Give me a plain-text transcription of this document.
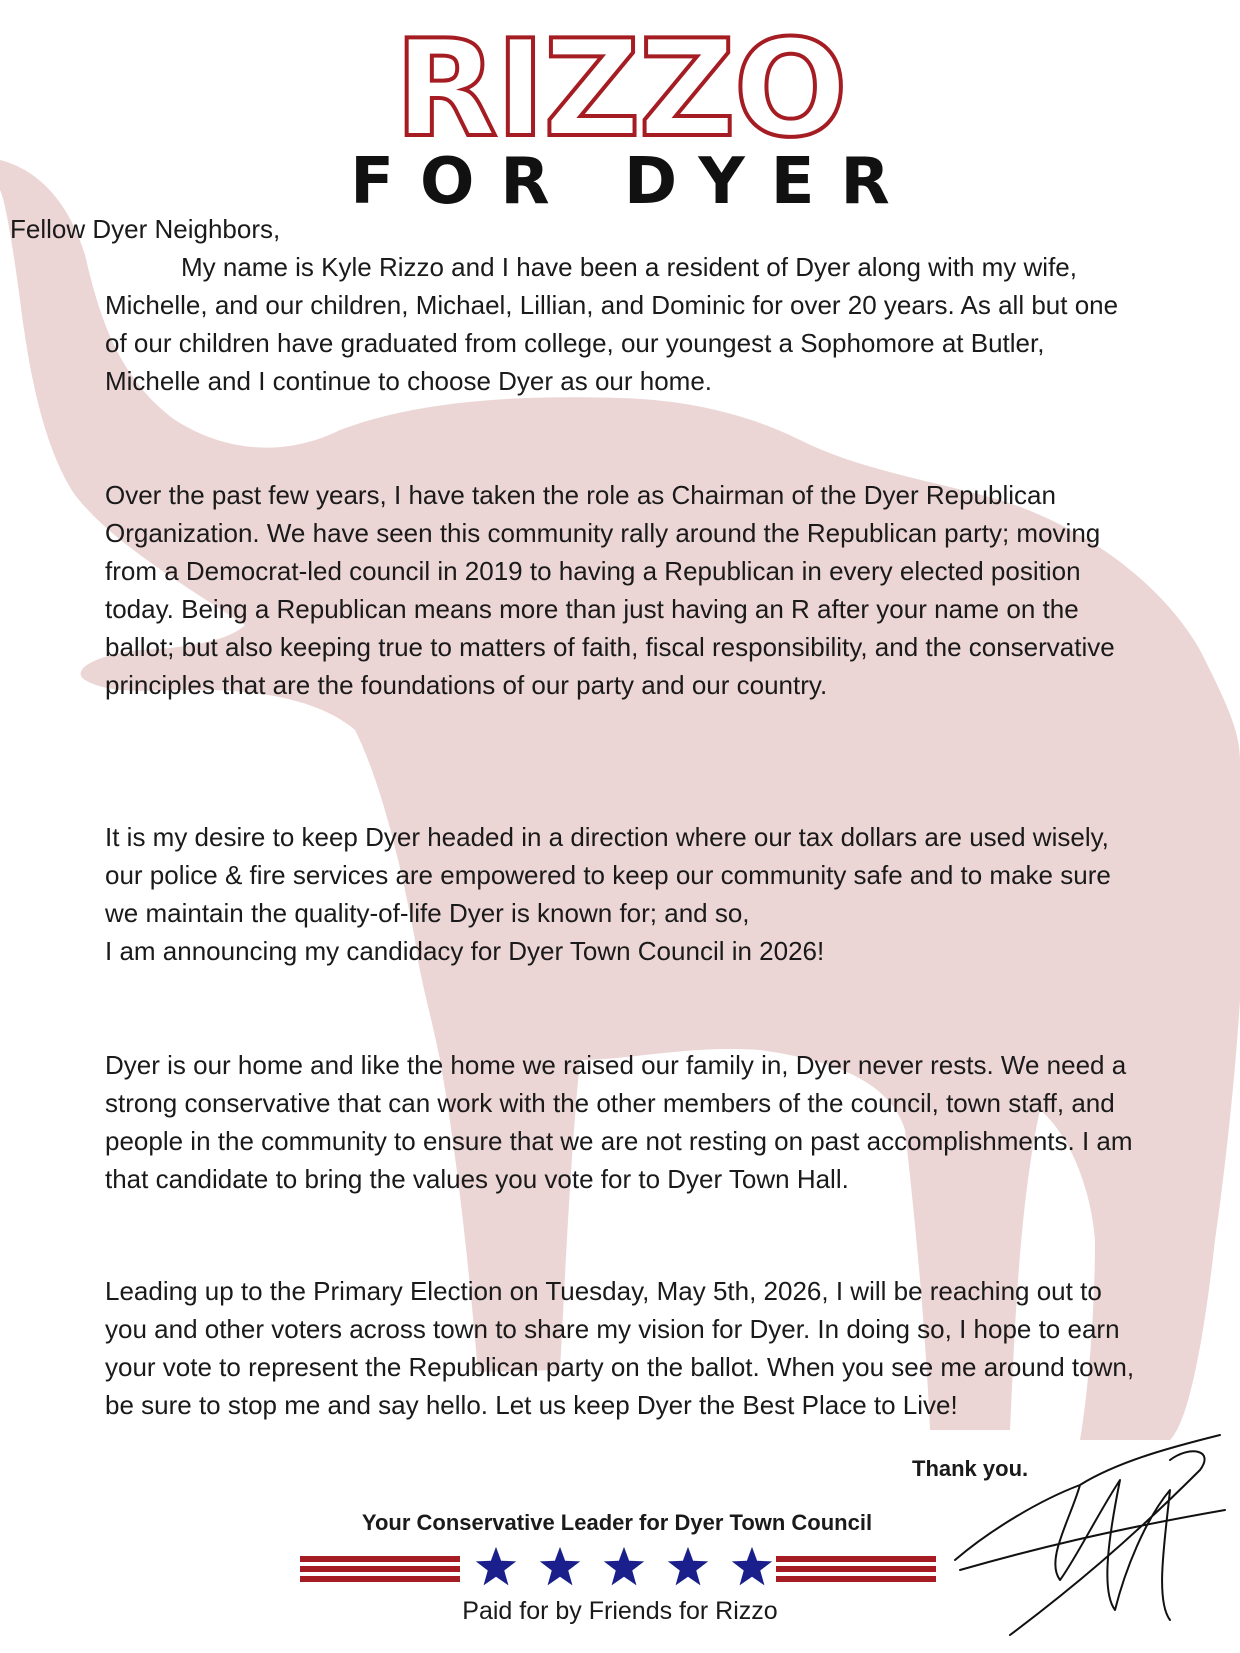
RIZZO
FOR DYER

Fellow Dyer Neighbors,

My name is Kyle Rizzo and I have been a resident of Dyer along with my wife, Michelle, and our children, Michael, Lillian, and Dominic for over 20 years. As all but one of our children have graduated from college, our youngest a Sophomore at Butler, Michelle and I continue to choose Dyer as our home.

Over the past few years, I have taken the role as Chairman of the Dyer Republican Organization. We have seen this community rally around the Republican party; moving from a Democrat-led council in 2019 to having a Republican in every elected position today. Being a Republican means more than just having an R after your name on the ballot; but also keeping true to matters of faith, fiscal responsibility, and the conservative principles that are the foundations of our party and our country.

It is my desire to keep Dyer headed in a direction where our tax dollars are used wisely, our police & fire services are empowered to keep our community safe and to make sure we maintain the quality-of-life Dyer is known for; and so,
I am announcing my candidacy for Dyer Town Council in 2026!

Dyer is our home and like the home we raised our family in, Dyer never rests. We need a strong conservative that can work with the other members of the council, town staff, and people in the community to ensure that we are not resting on past accomplishments. I am that candidate to bring the values you vote for to Dyer Town Hall.

Leading up to the Primary Election on Tuesday, May 5th, 2026, I will be reaching out to you and other voters across town to share my vision for Dyer. In doing so, I hope to earn your vote to represent the Republican party on the ballot. When you see me around town, be sure to stop me and say hello. Let us keep Dyer the Best Place to Live!

Thank you.
Your Conservative Leader for Dyer Town Council
Paid for by Friends for Rizzo
